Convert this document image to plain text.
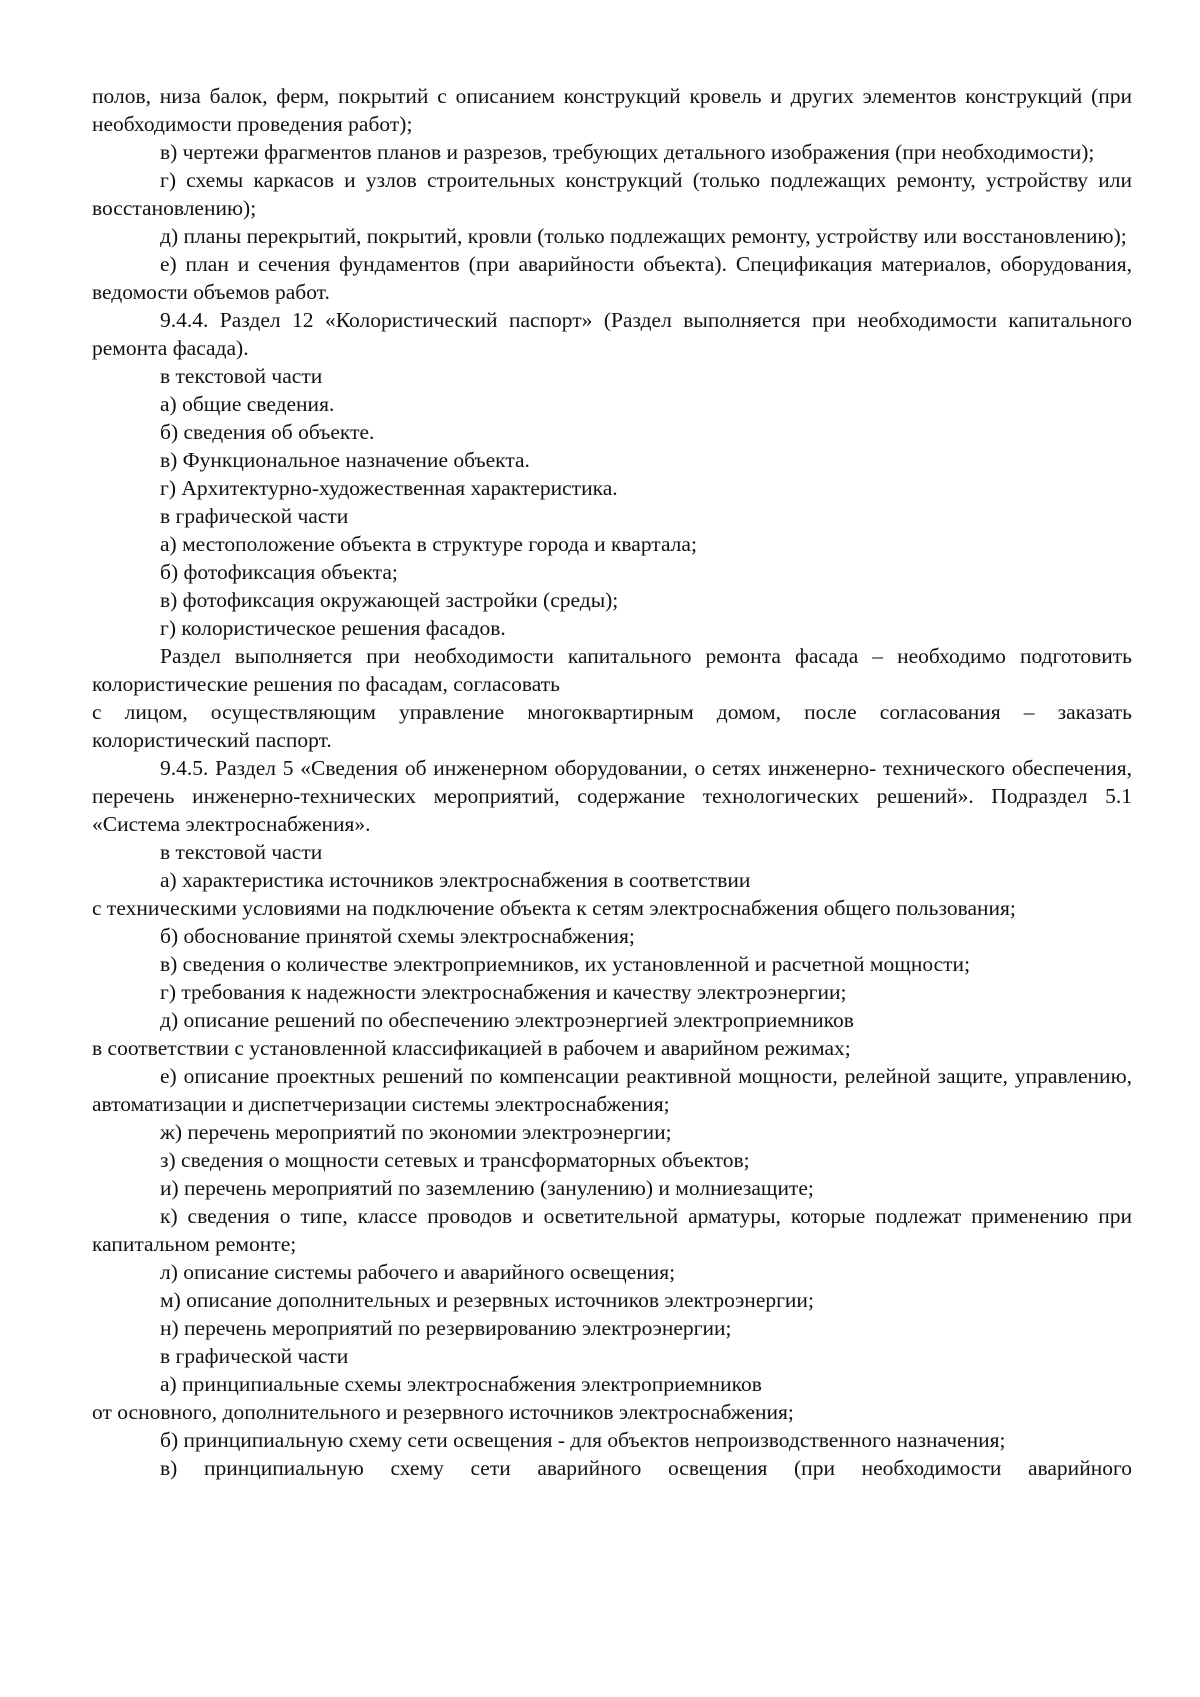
полов, низа балок, ферм, покрытий с описанием конструкций кровель и других элементов конструкций (при необходимости проведения работ);

в) чертежи фрагментов планов и разрезов, требующих детального изображения (при необходимости);

г) схемы каркасов и узлов строительных конструкций (только подлежащих ремонту, устройству или восстановлению);

д) планы перекрытий, покрытий, кровли (только подлежащих ремонту, устройству или восстановлению);

е) план и сечения фундаментов (при аварийности объекта). Спецификация материалов, оборудования, ведомости объемов работ.

9.4.4. Раздел 12 «Колористический паспорт» (Раздел выполняется при необходимости капитального ремонта фасада).

в текстовой части

а) общие сведения.

б) сведения об объекте.

в) Функциональное назначение объекта.

г) Архитектурно-художественная характеристика.

в графической части

а) местоположение объекта в структуре города и квартала;

б) фотофиксация объекта;

в) фотофиксация окружающей застройки (среды);

г) колористическое решения фасадов.

Раздел выполняется при необходимости капитального ремонта фасада – необходимо подготовить колористические решения по фасадам, согласовать

с лицом, осуществляющим управление многоквартирным домом, после согласования – заказать колористический паспорт.

9.4.5. Раздел 5 «Сведения об инженерном оборудовании, о сетях инженерно- технического обеспечения, перечень инженерно-технических мероприятий, содержание технологических решений». Подраздел 5.1 «Система электроснабжения».

в текстовой части

а) характеристика источников электроснабжения в соответствии

с техническими условиями на подключение объекта к сетям электроснабжения общего пользования;

б) обоснование принятой схемы электроснабжения;

в) сведения о количестве электроприемников, их установленной и расчетной мощности;

г) требования к надежности электроснабжения и качеству электроэнергии;

д) описание решений по обеспечению электроэнергией электроприемников

в соответствии с установленной классификацией в рабочем и аварийном режимах;

е) описание проектных решений по компенсации реактивной мощности, релейной защите, управлению, автоматизации и диспетчеризации системы электроснабжения;

ж) перечень мероприятий по экономии электроэнергии;

з) сведения о мощности сетевых и трансформаторных объектов;

и) перечень мероприятий по заземлению (занулению) и молниезащите;

к) сведения о типе, классе проводов и осветительной арматуры, которые подлежат применению при капитальном ремонте;

л) описание системы рабочего и аварийного освещения;

м) описание дополнительных и резервных источников электроэнергии;

н) перечень мероприятий по резервированию электроэнергии;

в графической части

а) принципиальные схемы электроснабжения электроприемников

от основного, дополнительного и резервного источников электроснабжения;

б) принципиальную схему сети освещения - для объектов непроизводственного назначения;

в) принципиальную схему сети аварийного освещения (при необходимости аварийного
